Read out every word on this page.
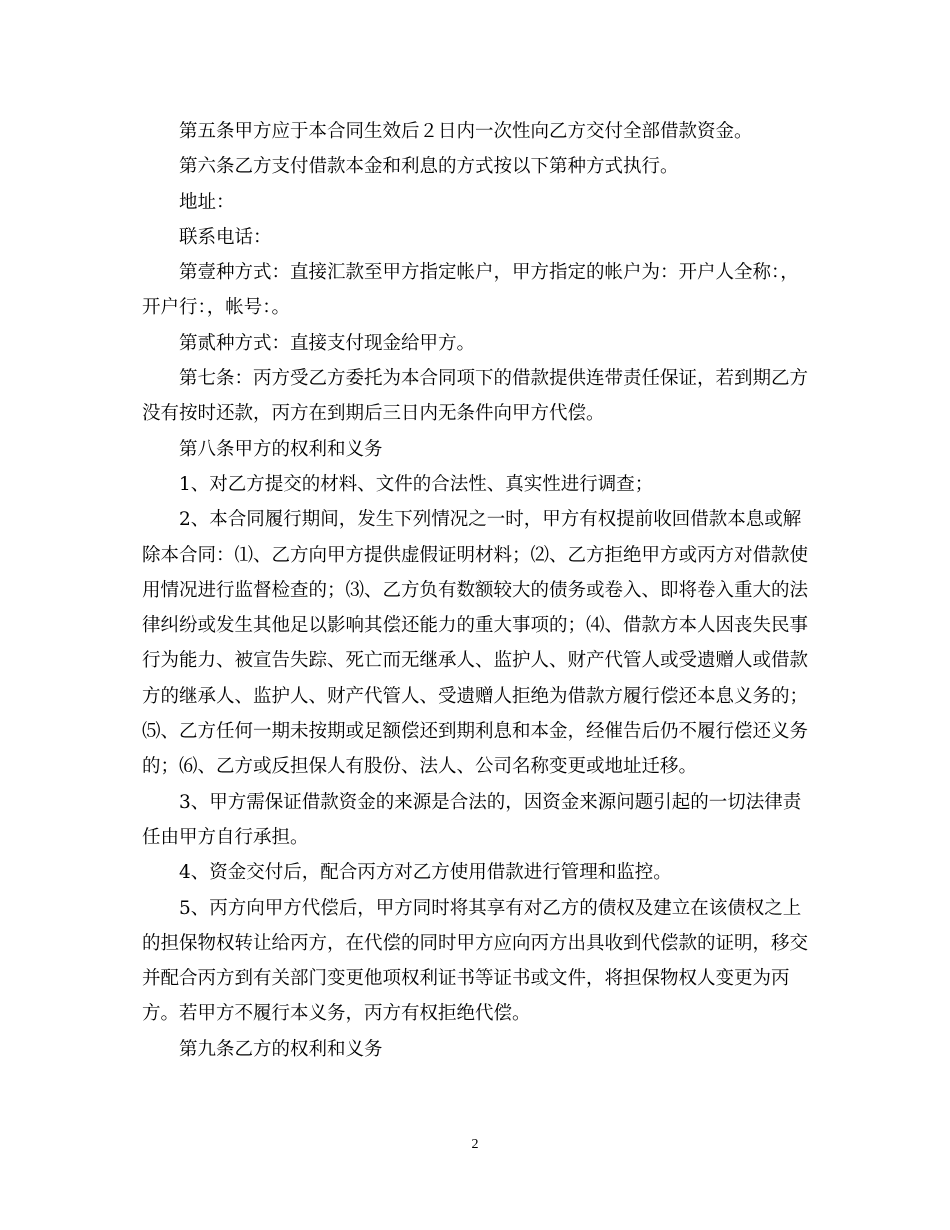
第五条甲方应于本合同生效后２日内一次性向乙方交付全部借款资金。
第六条乙方支付借款本金和利息的方式按以下第种方式执行。
地址：
联系电话：
第壹种方式：直接汇款至甲方指定帐户，甲方指定的帐户为：开户人全称：，
开户行：，帐号：。
第贰种方式：直接支付现金给甲方。
第七条：丙方受乙方委托为本合同项下的借款提供连带责任保证，若到期乙方
没有按时还款，丙方在到期后三日内无条件向甲方代偿。
第八条甲方的权利和义务
1、对乙方提交的材料、文件的合法性、真实性进行调查；
2、本合同履行期间，发生下列情况之一时，甲方有权提前收回借款本息或解
除本合同：⑴、乙方向甲方提供虚假证明材料；⑵、乙方拒绝甲方或丙方对借款使
用情况进行监督检查的；⑶、乙方负有数额较大的债务或卷入、即将卷入重大的法
律纠纷或发生其他足以影响其偿还能力的重大事项的；⑷、借款方本人因丧失民事
行为能力、被宣告失踪、死亡而无继承人、监护人、财产代管人或受遗赠人或借款
方的继承人、监护人、财产代管人、受遗赠人拒绝为借款方履行偿还本息义务的；
⑸、乙方任何一期未按期或足额偿还到期利息和本金，经催告后仍不履行偿还义务
的；⑹、乙方或反担保人有股份、法人、公司名称变更或地址迁移。
3、甲方需保证借款资金的来源是合法的，因资金来源问题引起的一切法律责
任由甲方自行承担。
4、资金交付后，配合丙方对乙方使用借款进行管理和监控。
5、丙方向甲方代偿后，甲方同时将其享有对乙方的债权及建立在该债权之上
的担保物权转让给丙方，在代偿的同时甲方应向丙方出具收到代偿款的证明，移交
并配合丙方到有关部门变更他项权利证书等证书或文件，将担保物权人变更为丙
方。若甲方不履行本义务，丙方有权拒绝代偿。
第九条乙方的权利和义务
2
